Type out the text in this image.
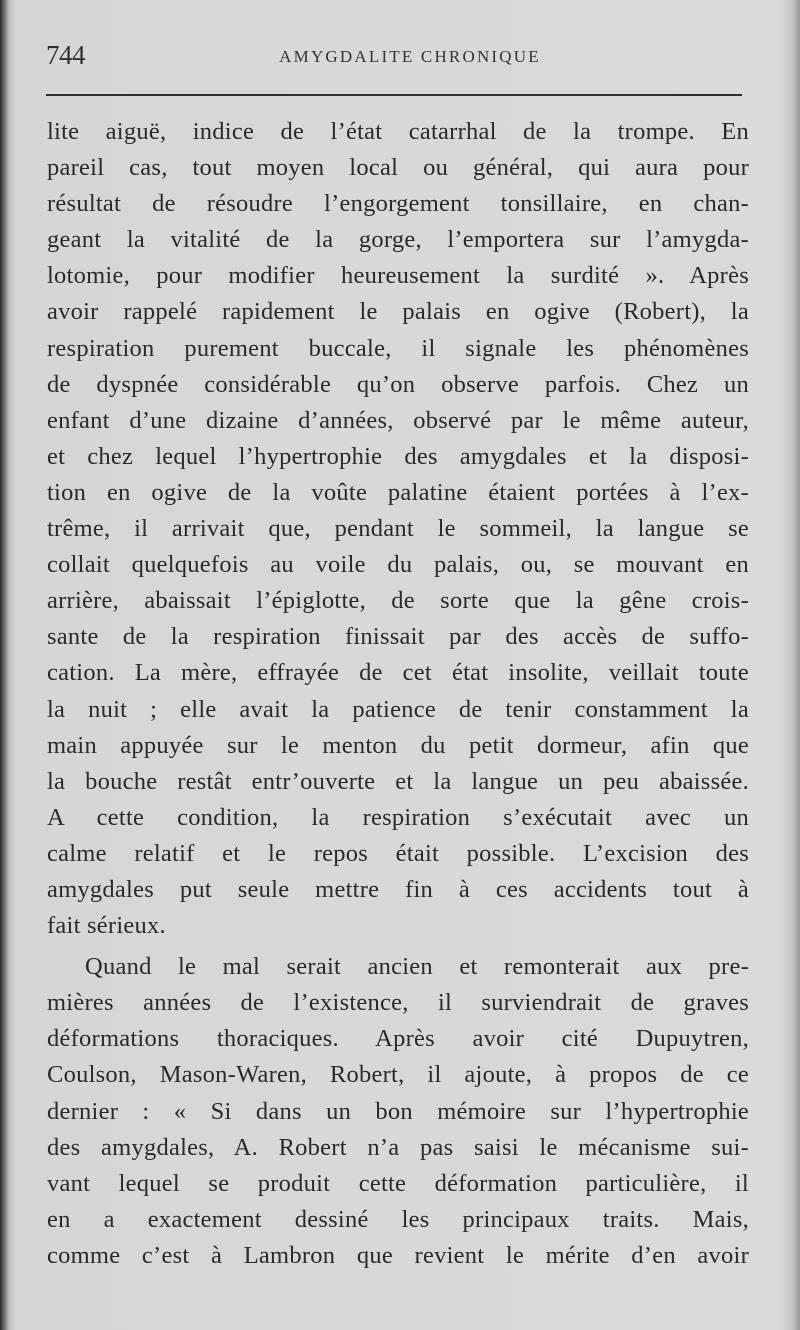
744	AMYGDALITE CHRONIQUE
lite aiguë, indice de l’état catarrhal de la trompe. En
pareil cas, tout moyen local ou général, qui aura pour
résultat de résoudre l’engorgement tonsillaire, en chan-
geant la vitalité de la gorge, l’emportera sur l’amygda-
lotomie, pour modifier heureusement la surdité ». Après
avoir rappelé rapidement le palais en ogive (Robert), la
respiration purement buccale, il signale les phénomènes
de dyspnée considérable qu’on observe parfois. Chez un
enfant d’une dizaine d’années, observé par le même auteur,
et chez lequel l’hypertrophie des amygdales et la disposi-
tion en ogive de la voûte palatine étaient portées à l’ex-
trême, il arrivait que, pendant le sommeil, la langue se
collait quelquefois au voile du palais, ou, se mouvant en
arrière, abaissait l’épiglotte, de sorte que la gêne crois-
sante de la respiration finissait par des accès de suffo-
cation. La mère, effrayée de cet état insolite, veillait toute
la nuit ; elle avait la patience de tenir constamment la
main appuyée sur le menton du petit dormeur, afin que
la bouche restât entr’ouverte et la langue un peu abaissée.
A cette condition, la respiration s’exécutait avec un
calme relatif et le repos était possible. L’excision des
amygdales put seule mettre fin à ces accidents tout à
fait sérieux.
Quand le mal serait ancien et remonterait aux pre-
mières années de l’existence, il surviendrait de graves
déformations thoraciques. Après avoir cité Dupuytren,
Coulson, Mason-Waren, Robert, il ajoute, à propos de ce
dernier : « Si dans un bon mémoire sur l’hypertrophie
des amygdales, A. Robert n’a pas saisi le mécanisme sui-
vant lequel se produit cette déformation particulière, il
en a exactement dessiné les principaux traits. Mais,
comme c’est à Lambron que revient le mérite d’en avoir
